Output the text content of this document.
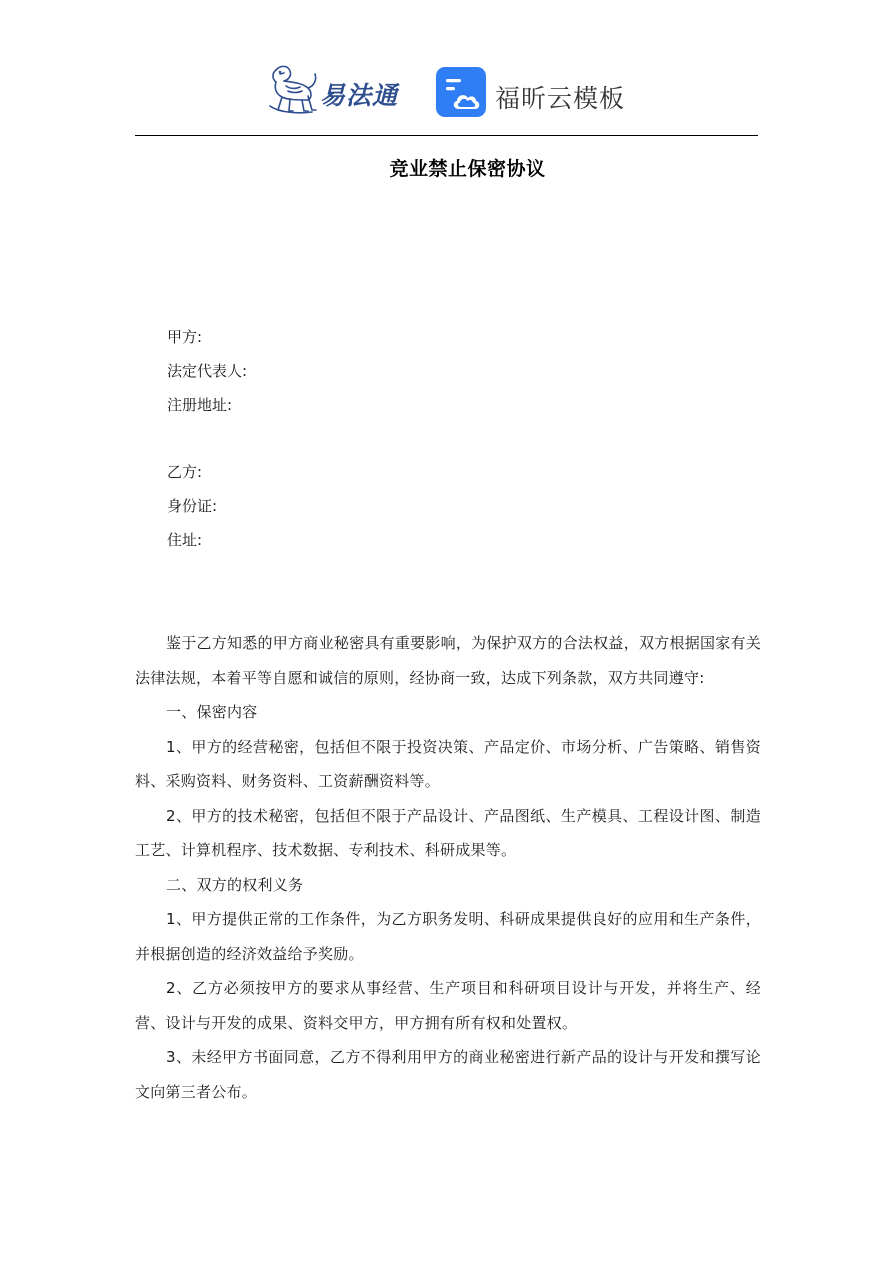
易法通	福昕云模板
竞业禁止保密协议
甲方:
法定代表人:
注册地址:
乙方:
身份证:
住址:

鉴于乙方知悉的甲方商业秘密具有重要影响，为保护双方的合法权益，双方根据国家有关法律法规，本着平等自愿和诚信的原则，经协商一致，达成下列条款，双方共同遵守:

一、保密内容

1、甲方的经营秘密，包括但不限于投资决策、产品定价、市场分析、广告策略、销售资料、采购资料、财务资料、工资薪酬资料等。

2、甲方的技术秘密，包括但不限于产品设计、产品图纸、生产模具、工程设计图、制造工艺、计算机程序、技术数据、专利技术、科研成果等。

二、双方的权利义务

1、甲方提供正常的工作条件，为乙方职务发明、科研成果提供良好的应用和生产条件，并根据创造的经济效益给予奖励。

2、乙方必须按甲方的要求从事经营、生产项目和科研项目设计与开发，并将生产、经营、设计与开发的成果、资料交甲方，甲方拥有所有权和处置权。

3、未经甲方书面同意，乙方不得利用甲方的商业秘密进行新产品的设计与开发和撰写论文向第三者公布。
